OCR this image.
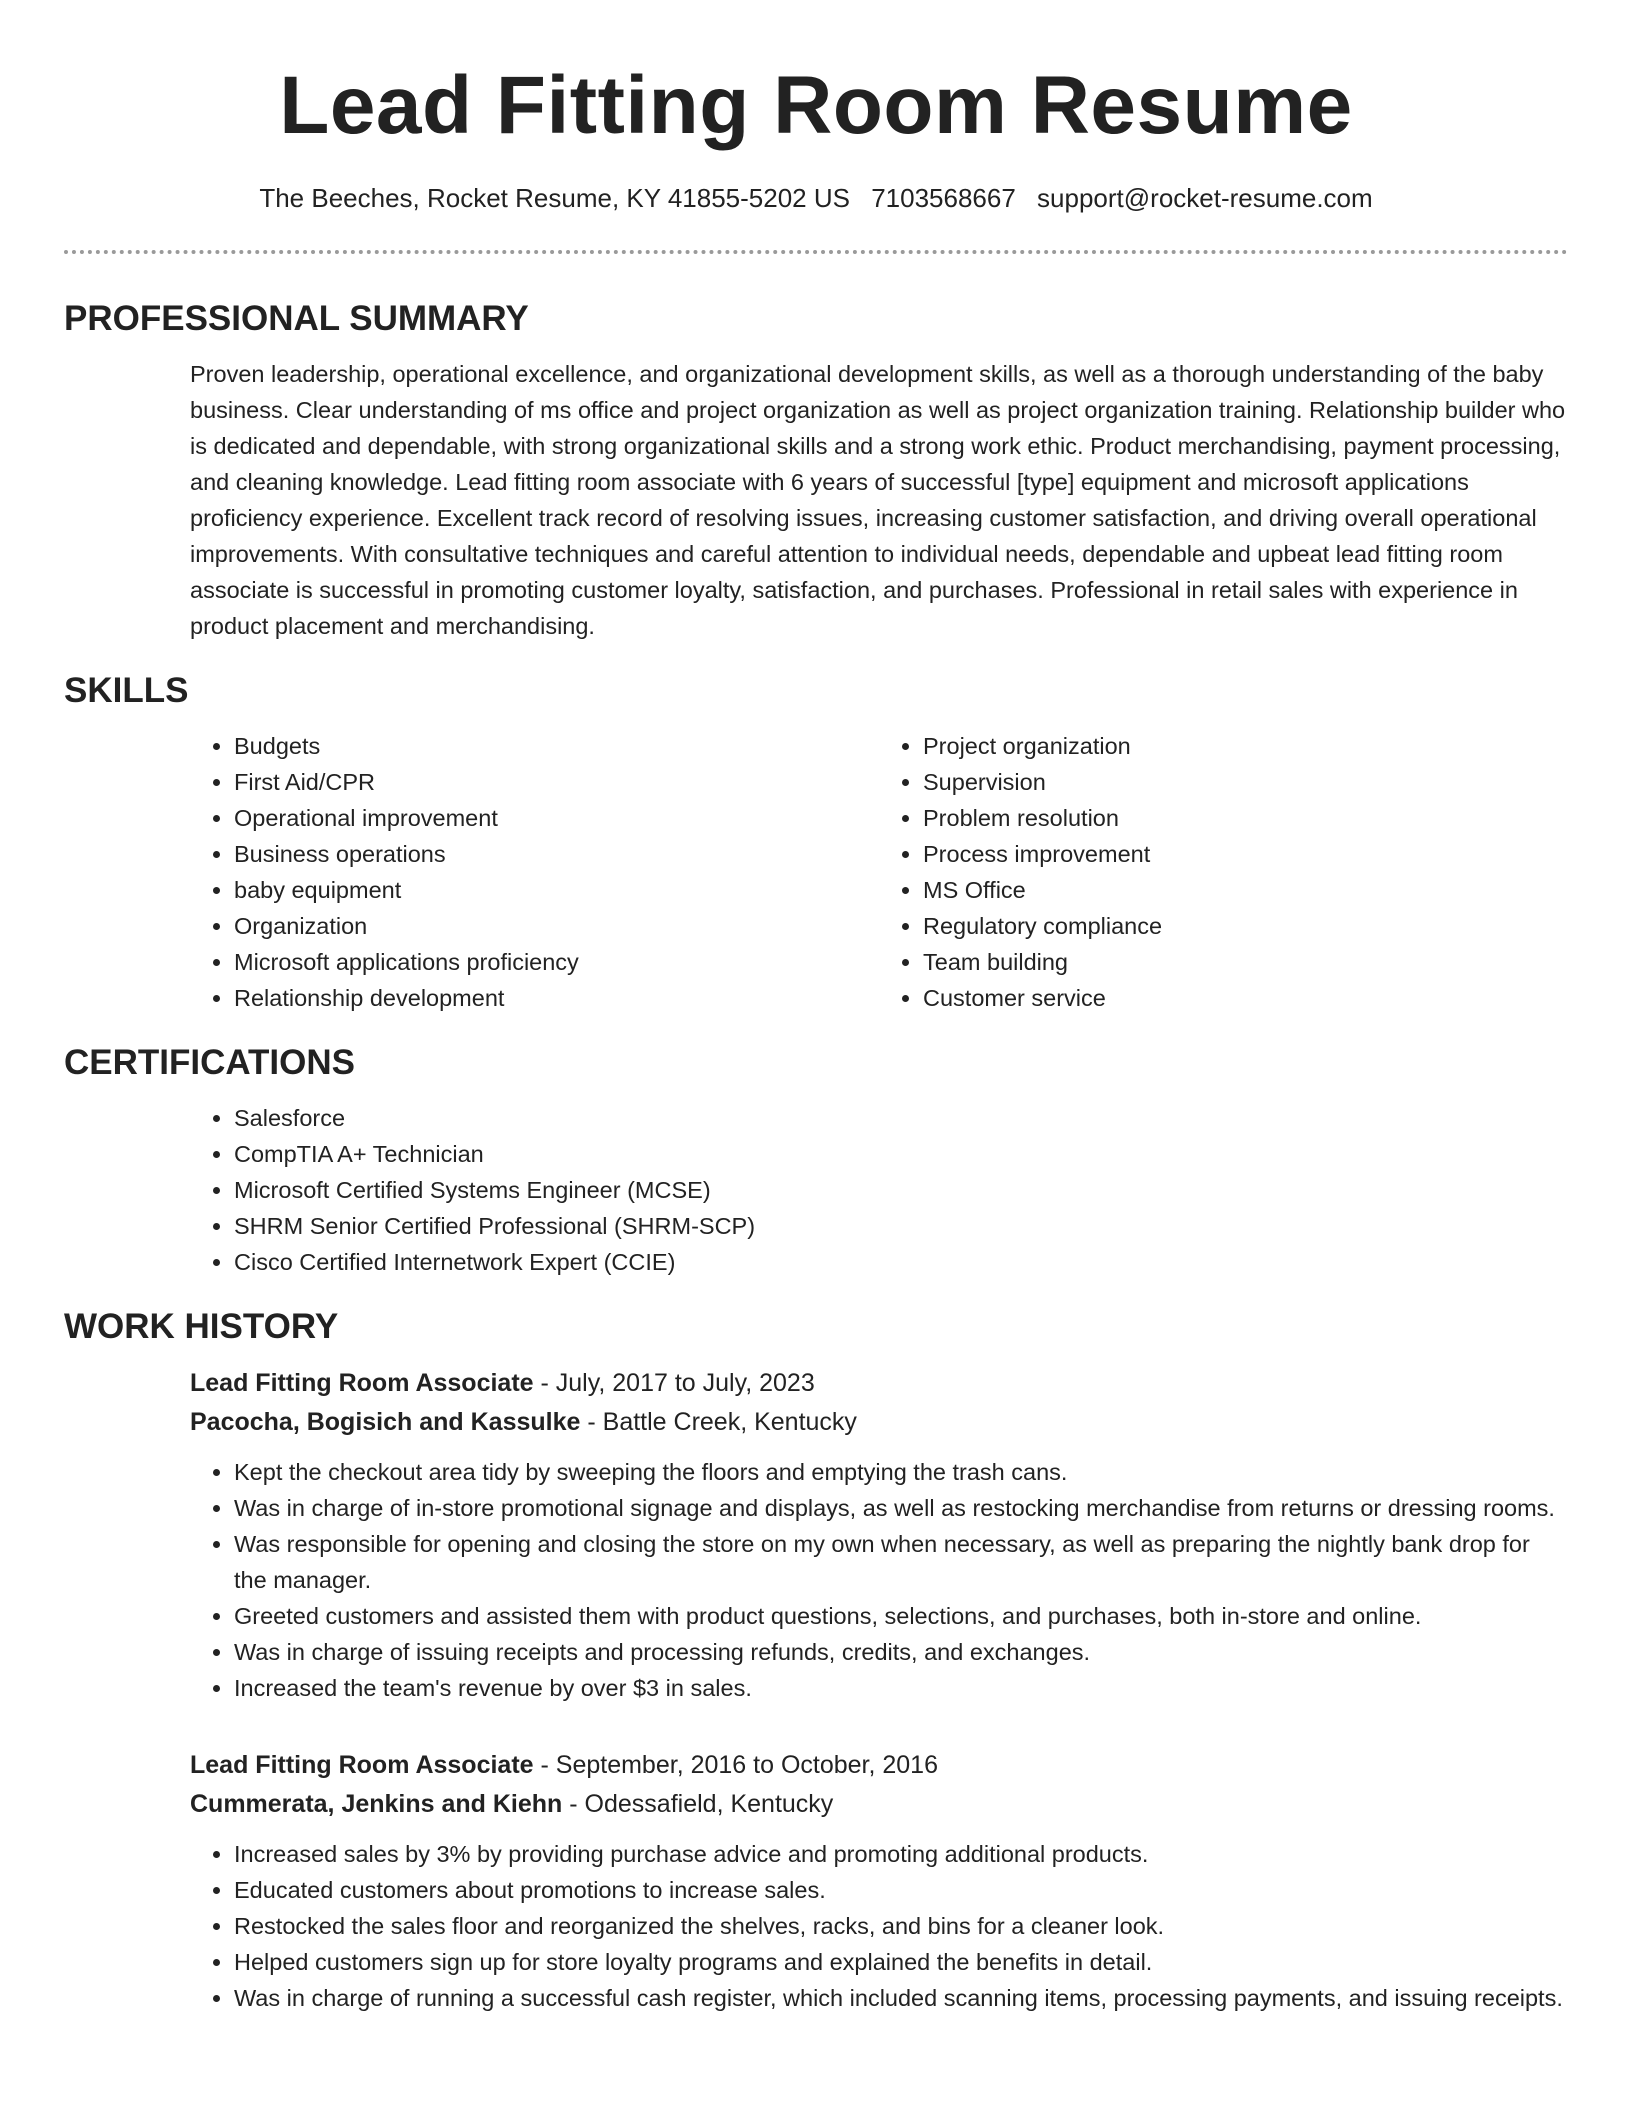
Lead Fitting Room Resume
The Beeches, Rocket Resume, KY 41855-5202 US 7103568667 support@rocket-resume.com
PROFESSIONAL SUMMARY

Proven leadership, operational excellence, and organizational development skills, as well as a thorough understanding of the baby business. Clear understanding of ms office and project organization as well as project organization training. Relationship builder who is dedicated and dependable, with strong organizational skills and a strong work ethic. Product merchandising, payment processing, and cleaning knowledge. Lead fitting room associate with 6 years of successful [type] equipment and microsoft applications proficiency experience. Excellent track record of resolving issues, increasing customer satisfaction, and driving overall operational improvements. With consultative techniques and careful attention to individual needs, dependable and upbeat lead fitting room associate is successful in promoting customer loyalty, satisfaction, and purchases. Professional in retail sales with experience in product placement and merchandising.

SKILLS
• Budgets
• First Aid/CPR
• Operational improvement
• Business operations
• baby equipment
• Organization
• Microsoft applications proficiency
• Relationship development
• Project organization
• Supervision
• Problem resolution
• Process improvement
• MS Office
• Regulatory compliance
• Team building
• Customer service
CERTIFICATIONS
• Salesforce
• CompTIA A+ Technician
• Microsoft Certified Systems Engineer (MCSE)
• SHRM Senior Certified Professional (SHRM-SCP)
• Cisco Certified Internetwork Expert (CCIE)
WORK HISTORY
Lead Fitting Room Associate - July, 2017 to July, 2023
Pacocha, Bogisich and Kassulke - Battle Creek, Kentucky
• Kept the checkout area tidy by sweeping the floors and emptying the trash cans.
• Was in charge of in-store promotional signage and displays, as well as restocking merchandise from returns or dressing rooms.
• Was responsible for opening and closing the store on my own when necessary, as well as preparing the nightly bank drop for the manager.
• Greeted customers and assisted them with product questions, selections, and purchases, both in-store and online.
• Was in charge of issuing receipts and processing refunds, credits, and exchanges.
• Increased the team's revenue by over $3 in sales.
Lead Fitting Room Associate - September, 2016 to October, 2016
Cummerata, Jenkins and Kiehn - Odessafield, Kentucky
• Increased sales by 3% by providing purchase advice and promoting additional products.
• Educated customers about promotions to increase sales.
• Restocked the sales floor and reorganized the shelves, racks, and bins for a cleaner look.
• Helped customers sign up for store loyalty programs and explained the benefits in detail.
• Was in charge of running a successful cash register, which included scanning items, processing payments, and issuing receipts.
